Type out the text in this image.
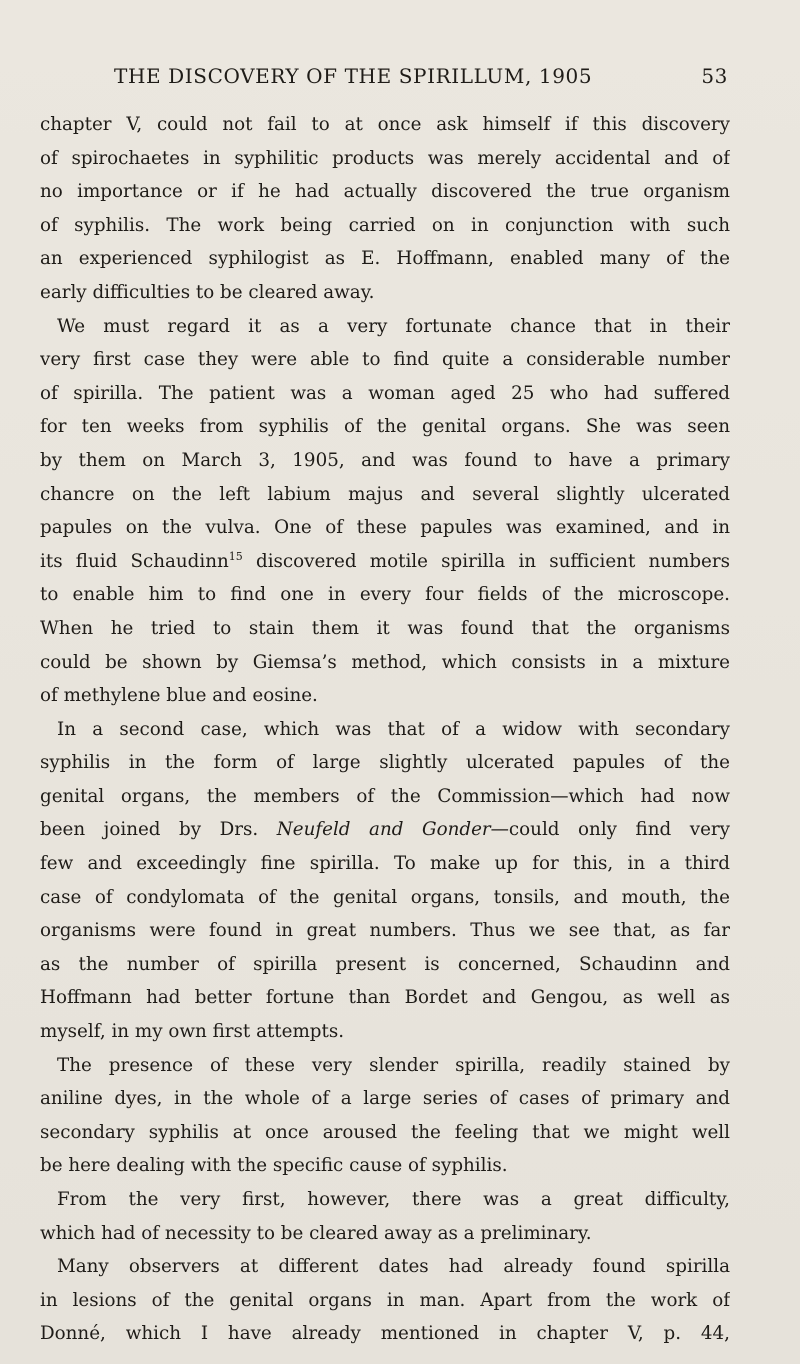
THE DISCOVERY OF THE SPIRILLUM, 1905	53
chapter V, could not fail to at once ask himself if this discovery
of spirochaetes in syphilitic products was merely accidental and of
no importance or if he had actually discovered the true organism
of syphilis. The work being carried on in conjunction with such
an experienced syphilogist as E. Hoffmann, enabled many of the
early difficulties to be cleared away.
We must regard it as a very fortunate chance that in their
very first case they were able to find quite a considerable number
of spirilla. The patient was a woman aged 25 who had suffered
for ten weeks from syphilis of the genital organs. She was seen
by them on March 3, 1905, and was found to have a primary
chancre on the left labium majus and several slightly ulcerated
papules on the vulva. One of these papules was examined, and in
its fluid Schaudinn$^{15}$ discovered motile spirilla in sufficient numbers
to enable him to find one in every four fields of the microscope.
When he tried to stain them it was found that the organisms
could be shown by Giemsa’s method, which consists in a mixture
of methylene blue and eosine.
In a second case, which was that of a widow with secondary
syphilis in the form of large slightly ulcerated papules of the
genital organs, the members of the Commission—which had now
been joined by Drs. Neufeld and Gonder—could only find very
few and exceedingly fine spirilla. To make up for this, in a third
case of condylomata of the genital organs, tonsils, and mouth, the
organisms were found in great numbers. Thus we see that, as far
as the number of spirilla present is concerned, Schaudinn and
Hoffmann had better fortune than Bordet and Gengou, as well as
myself, in my own first attempts.
The presence of these very slender spirilla, readily stained by
aniline dyes, in the whole of a large series of cases of primary and
secondary syphilis at once aroused the feeling that we might well
be here dealing with the specific cause of syphilis.
From the very first, however, there was a great difficulty,
which had of necessity to be cleared away as a preliminary.
Many observers at different dates had already found spirilla
in lesions of the genital organs in man. Apart from the work of
Donné, which I have already mentioned in chapter V, p. 44,
